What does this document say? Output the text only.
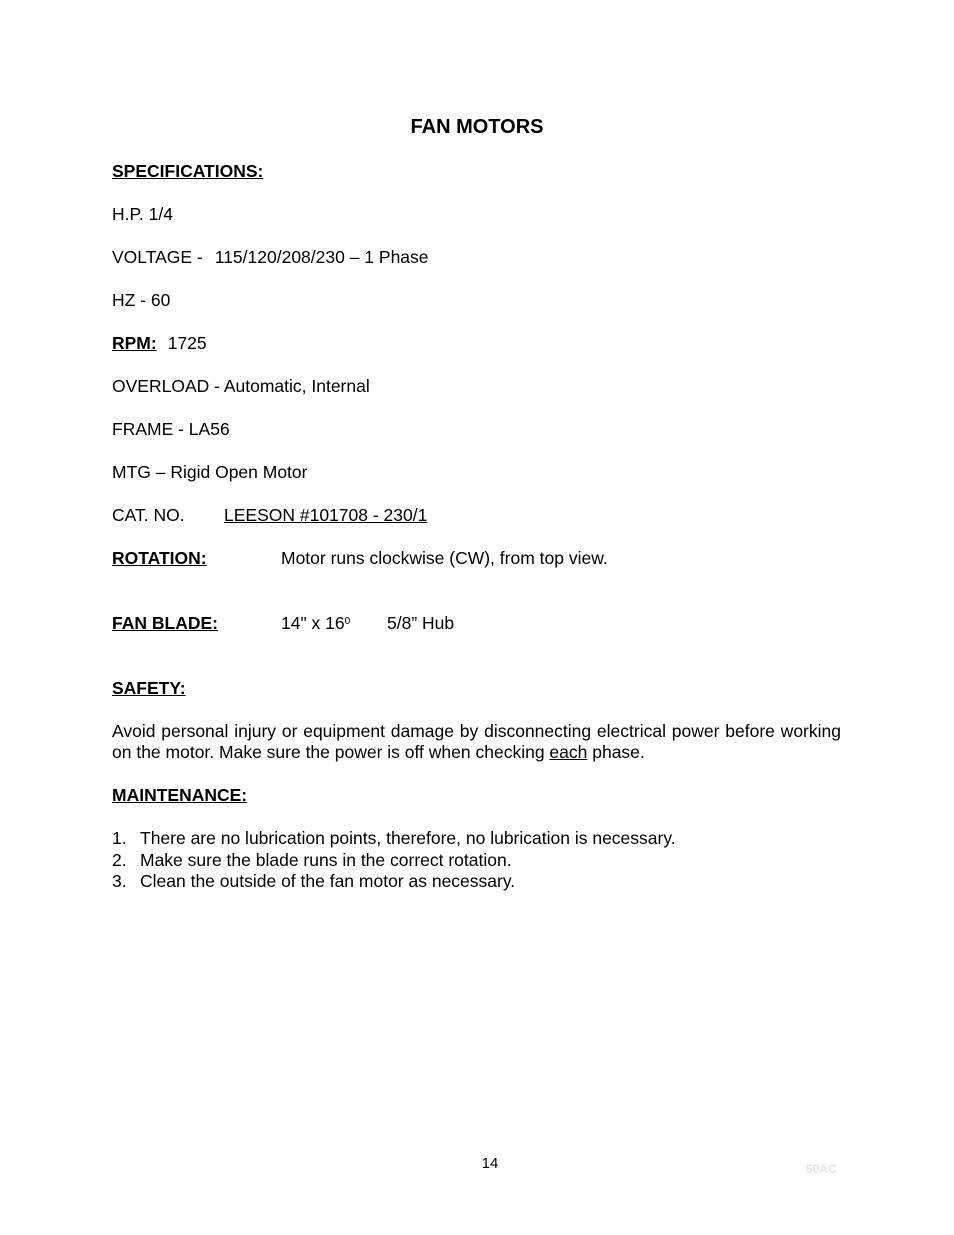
FAN MOTORS
SPECIFICATIONS:
H.P. 1/4
VOLTAGE - 115/120/208/230 – 1 Phase
HZ - 60
RPM: 1725
OVERLOAD - Automatic, Internal
FRAME - LA56
MTG – Rigid Open Motor
CAT. NO. LEESON #101708 - 230/1
ROTATION:	Motor runs clockwise (CW), from top view.
FAN BLADE:	14" x $16^0$ 5/8” Hub
SAFETY:
Avoid personal injury or equipment damage by disconnecting electrical power before working on the motor. Make sure the power is off when checking each phase.
MAINTENANCE:
1. There are no lubrication points, therefore, no lubrication is necessary.
2. Make sure the blade runs in the correct rotation.
3. Clean the outside of the fan motor as necessary.
14	50AC
